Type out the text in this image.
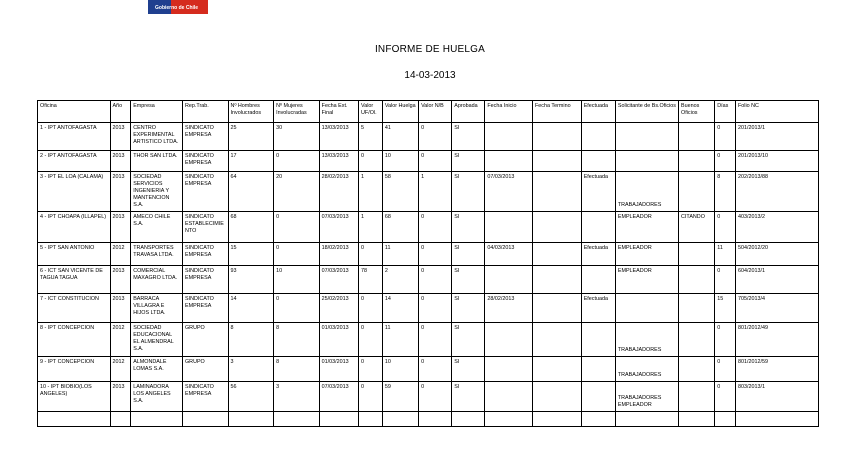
Gobierno de Chile
INFORME DE HUELGA
14-03-2013
Oficina	Año	Empresa	Rep.Trab.	Nº Hombres Involucrados	Nº Mujeres Involucradas	Fecha Ext. Final	Valor UF/Ol.	Valor Huelga	Valor N/B	Aprobada	Fecha Inicio	Fecha Termino	Efectuada	Solicitante de Bs.Oficios	Buenos Oficios	Días	Folio NC
1 - IPT ANTOFAGASTA	2013	CENTRO EXPERIMENTAL ARTISTICO LTDA.	SINDICATO EMPRESA	25	30	13/03/2013	5	41	0	SI						0	201/2013/1
2 - IPT ANTOFAGASTA	2013	THOR SAN LTDA.	SINDICATO EMPRESA	17	0	13/03/2013	0	10	0	SI						0	201/2013/10
3 - IPT EL LOA (CALAMA)	2013	SOCIEDAD SERVICIOS INGENIERIA Y MANTENCION S.A.	SINDICATO EMPRESA	64	20	28/02/2013	1	58	1	SI	07/03/2013		Efectuada	TRABAJADORES		8	202/2013/88
4 - IPT CHOAPA (ILLAPEL)	2013	AMECO CHILE S.A.	SINDICATO ESTABLECIMIENTO	68	0	07/03/2013	1	68	0	SI				EMPLEADOR	CITANDO	0	403/2013/2
5 - IPT SAN ANTONIO	2012	TRANSPORTES TRAVASA LTDA.	SINDICATO EMPRESA	15	0	18/02/2013	0	11	0	SI	04/03/2013		Efectuada	EMPLEADOR		11	504/2012/20
6 - ICT SAN VICENTE DE TAGUA TAGUA	2013	COMERCIAL MAXAGRO LTDA.	SINDICATO EMPRESA	93	10	07/03/2013	78	2	0	SI				EMPLEADOR		0	604/2013/1
7 - ICT CONSTITUCION	2013	BARRACA VILLAGRA E HIJOS LTDA.	SINDICATO EMPRESA	14	0	25/02/2013	0	14	0	SI	28/02/2013		Efectuada			15	705/2013/4
8 - IPT CONCEPCION	2012	SOCIEDAD EDUCACIONAL EL ALMENDRAL S.A.	GRUPO	8	8	01/03/2013	0	11	0	SI				TRABAJADORES		0	801/2012/49
9 - IPT CONCEPCION	2012	ALMONDALE LOMAS S.A.	GRUPO	3	8	01/03/2013	0	10	0	SI				TRABAJADORES		0	801/2012/59
10 - IPT BIOBIO(LOS ANGELES)	2013	LAMINADORA LOS ANGELES S.A.	SINDICATO EMPRESA	56	3	07/03/2013	0	59	0	SI				TRABAJADORES EMPLEADOR		0	803/2013/1
